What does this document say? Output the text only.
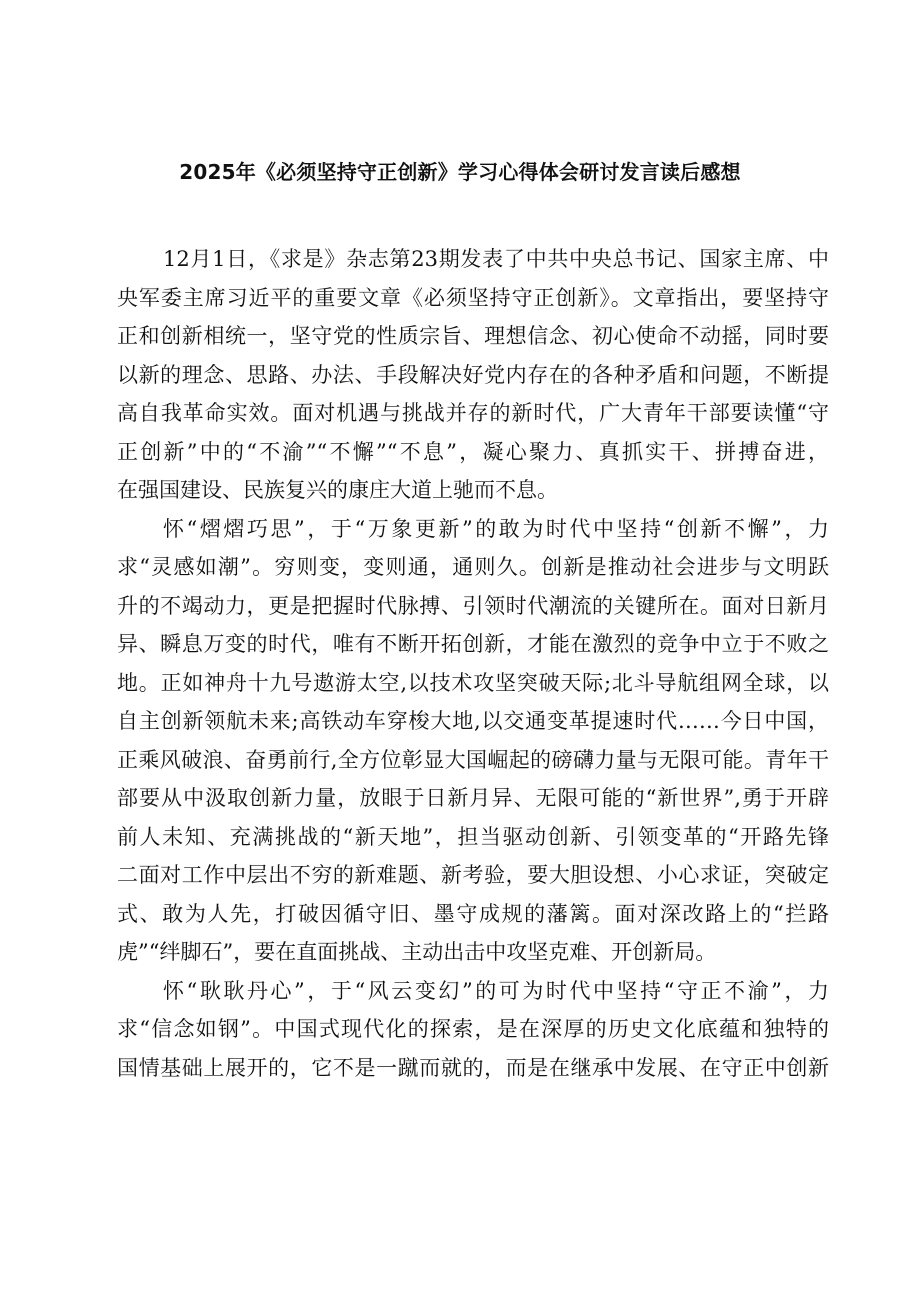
2025年《必须坚持守正创新》学习心得体会研讨发言读后感想
12月1日，《求是》杂志第23期发表了中共中央总书记、国家主席、中
央军委主席习近平的重要文章《必须坚持守正创新》。文章指出，要坚持守
正和创新相统一，坚守党的性质宗旨、理想信念、初心使命不动摇，同时要
以新的理念、思路、办法、手段解决好党内存在的各种矛盾和问题，不断提
高自我革命实效。面对机遇与挑战并存的新时代，广大青年干部要读懂“守
正创新”中的“不渝”“不懈”“不息”，凝心聚力、真抓实干、拼搏奋进，
在强国建设、民族复兴的康庄大道上驰而不息。
怀“熠熠巧思”，于“万象更新”的敢为时代中坚持“创新不懈”，力
求“灵感如潮”。穷则变，变则通，通则久。创新是推动社会进步与文明跃
升的不竭动力，更是把握时代脉搏、引领时代潮流的关键所在。面对日新月
异、瞬息万变的时代，唯有不断开拓创新，才能在激烈的竞争中立于不败之
地。正如神舟十九号遨游太空,以技术攻坚突破天际;北斗导航组网全球，以
自主创新领航未来;高铁动车穿梭大地,以交通变革提速时代……今日中国，
正乘风破浪、奋勇前行,全方位彰显大国崛起的磅礴力量与无限可能。青年干
部要从中汲取创新力量，放眼于日新月异、无限可能的“新世界”,勇于开辟
前人未知、充满挑战的“新天地”，担当驱动创新、引领变革的“开路先锋
二面对工作中层出不穷的新难题、新考验，要大胆设想、小心求证，突破定
式、敢为人先，打破因循守旧、墨守成规的藩篱。面对深改路上的“拦路
虎”“绊脚石”，要在直面挑战、主动出击中攻坚克难、开创新局。
怀“耿耿丹心”，于“风云变幻”的可为时代中坚持“守正不渝”，力
求“信念如钢”。中国式现代化的探索，是在深厚的历史文化底蕴和独特的
国情基础上展开的，它不是一蹴而就的，而是在继承中发展、在守正中创新
